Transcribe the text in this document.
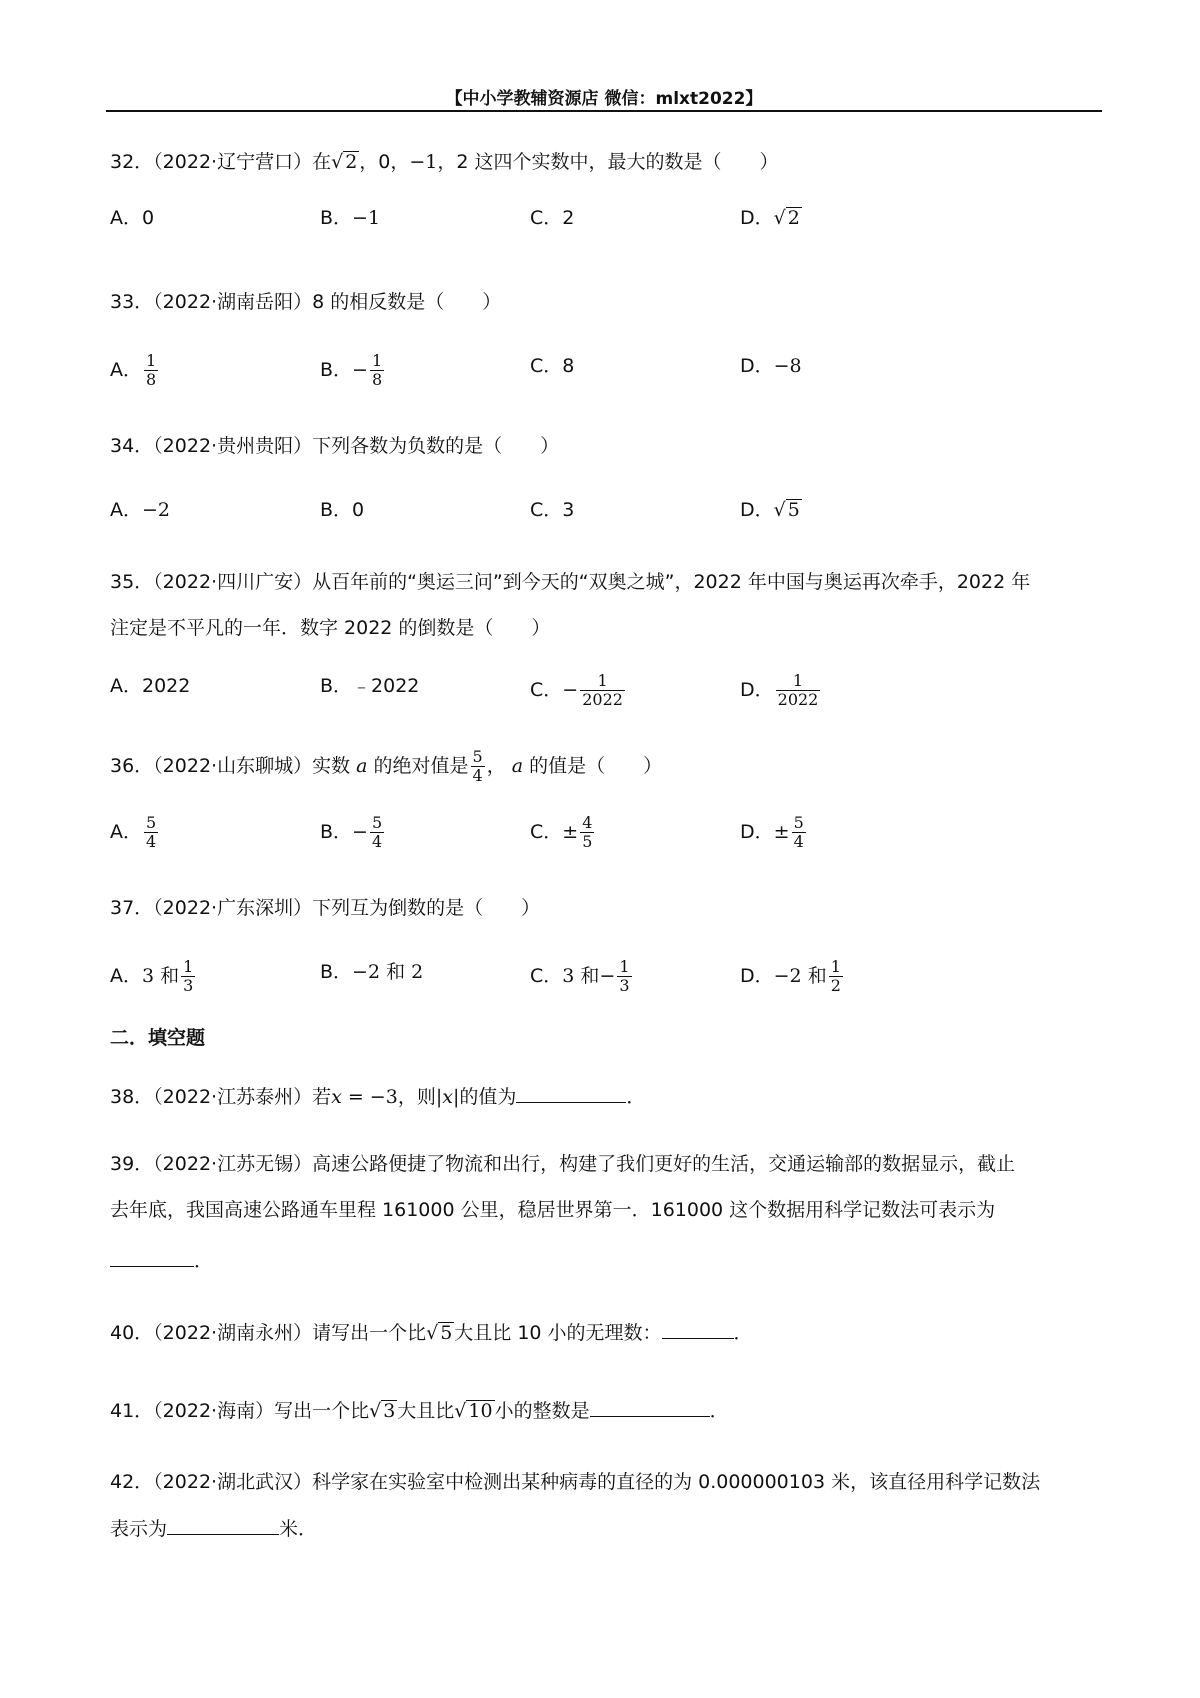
【中小学教辅资源店 微信：mlxt2022】
32．（2022·辽宁营口）在√ 2 ，0，−1，2 这四个实数中，最大的数是（　　）
A．0	B．−1	C．2	D．√ 2
33．（2022·湖南岳阳）8 的相反数是（　　）
A． $\frac{1}{8}$	B．− $\frac{1}{8}$	C．8	D．−8
34．（2022·贵州贵阳）下列各数为负数的是（　　）
A．−2	B．0	C．3	D．√ 5
35．（2022·四川广安）从百年前的“奥运三问”到今天的“双奥之城”，2022 年中国与奥运再次牵手，2022 年
注定是不平凡的一年．数字 2022 的倒数是（　　）
A．2022	B．﹣2022	C．− $\frac{1}{2022}$	D． $\frac{1}{2022}$
36．（2022·山东聊城）实数 a 的绝对值是 $\frac{5}{4}$ ， a 的值是（　　）
A． $\frac{5}{4}$	B．− $\frac{5}{4}$	C．± $\frac{4}{5}$	D．± $\frac{5}{4}$
37．（2022·广东深圳）下列互为倒数的是（　　）
A．3 和 $\frac{1}{3}$	B．−2 和 2	C．3 和− $\frac{1}{3}$	D．−2 和 $\frac{1}{2}$
二．填空题
38．（2022·江苏泰州）若x = −3，则|x|的值为	．
39．（2022·江苏无锡）高速公路便捷了物流和出行，构建了我们更好的生活，交通运输部的数据显示，截止
去年底，我国高速公路通车里程 161000 公里，稳居世界第一．161000 这个数据用科学记数法可表示为
．
40．（2022·湖南永州）请写出一个比√ 5 大且比 10 小的无理数：	．
41．（2022·海南）写出一个比√ 3 大且比√ 10 小的整数是	．
42．（2022·湖北武汉）科学家在实验室中检测出某种病毒的直径的为 0.000000103 米，该直径用科学记数法
表示为	米．
